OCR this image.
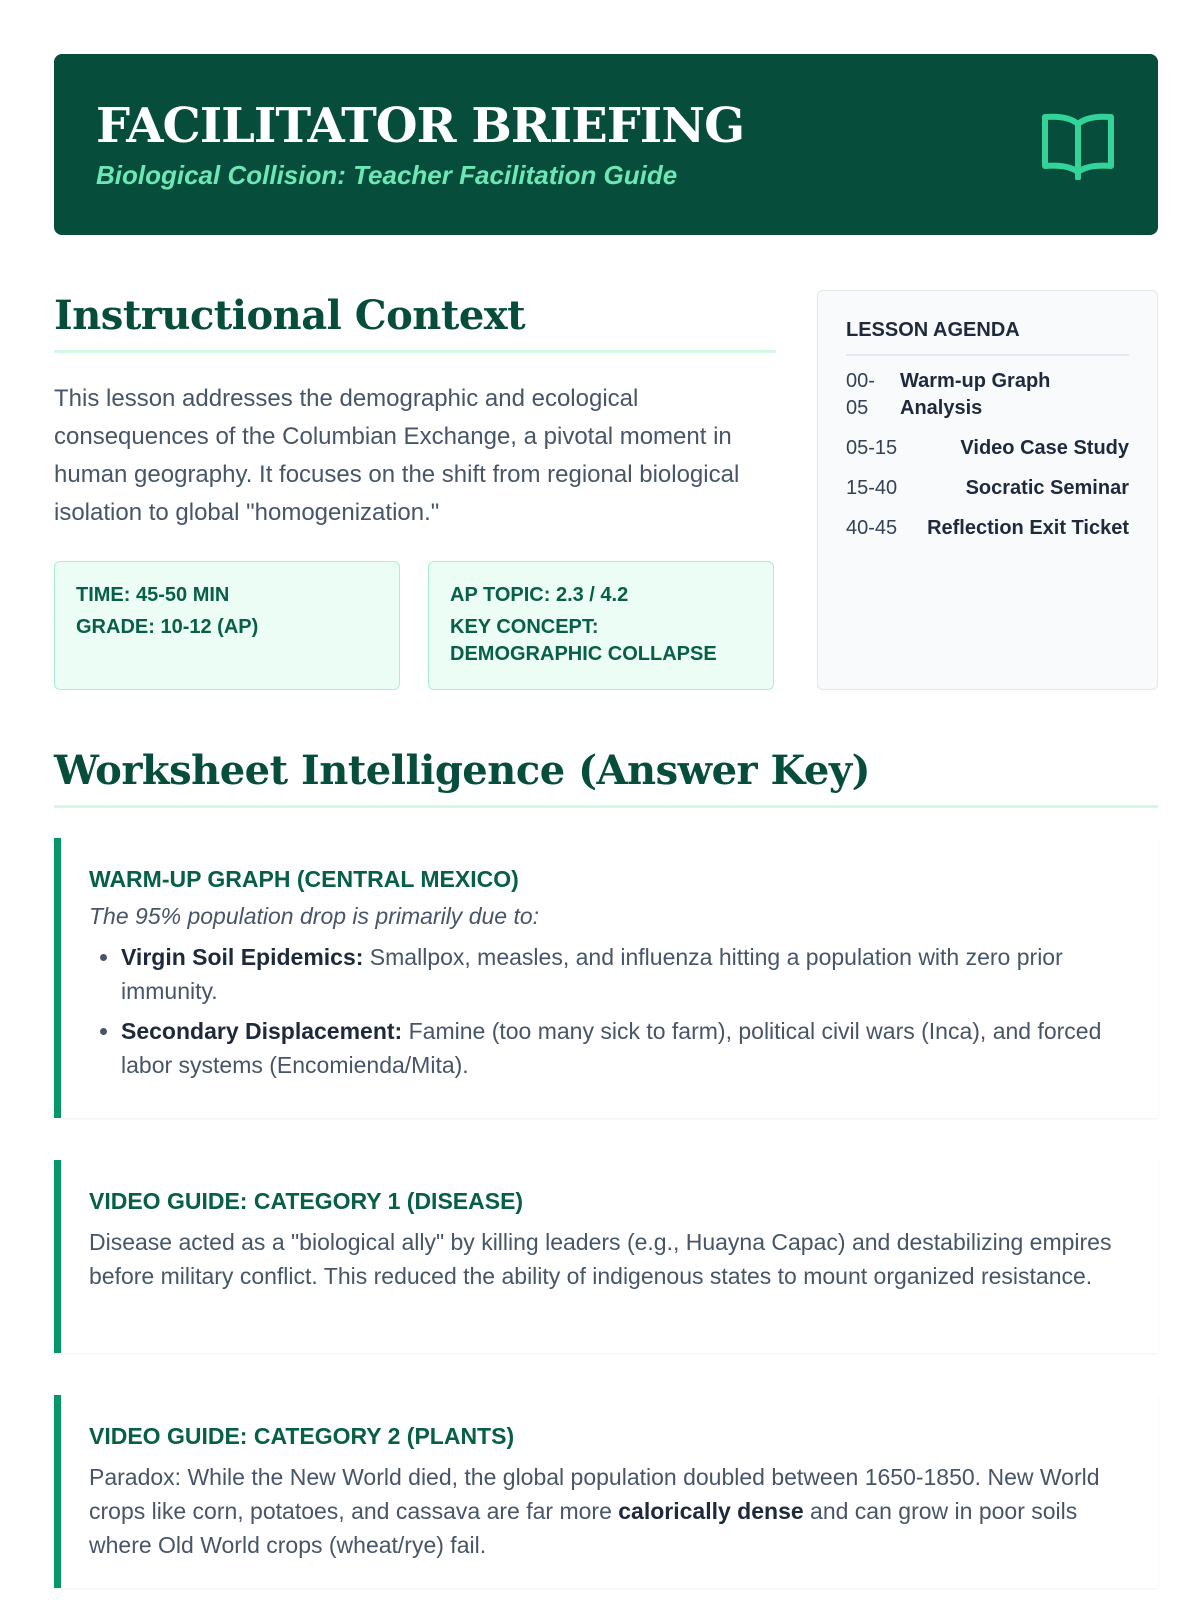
FACILITATOR BRIEFING
Biological Collision: Teacher Facilitation Guide
Instructional Context
This lesson addresses the demographic and ecological consequences of the Columbian Exchange, a pivotal moment in human geography. It focuses on the shift from regional biological isolation to global "homogenization."
TIME: 45-50 MIN
GRADE: 10-12 (AP)
AP TOPIC: 2.3 / 4.2
KEY CONCEPT: DEMOGRAPHIC COLLAPSE
LESSON AGENDA
00-05
Warm-up Graph Analysis
05-15	Video Case Study
15-40	Socratic Seminar
40-45 Reflection Exit Ticket
Worksheet Intelligence (Answer Key)
WARM-UP GRAPH (CENTRAL MEXICO)
The 95% population drop is primarily due to:
• Virgin Soil Epidemics: Smallpox, measles, and influenza hitting a population with zero prior immunity.
• Secondary Displacement: Famine (too many sick to farm), political civil wars (Inca), and forced labor systems (Encomienda/Mita).
VIDEO GUIDE: CATEGORY 1 (DISEASE)
Disease acted as a "biological ally" by killing leaders (e.g., Huayna Capac) and destabilizing empires before military conflict. This reduced the ability of indigenous states to mount organized resistance.
VIDEO GUIDE: CATEGORY 2 (PLANTS)
Paradox: While the New World died, the global population doubled between 1650-1850. New World crops like corn, potatoes, and cassava are far more calorically dense and can grow in poor soils where Old World crops (wheat/rye) fail.
